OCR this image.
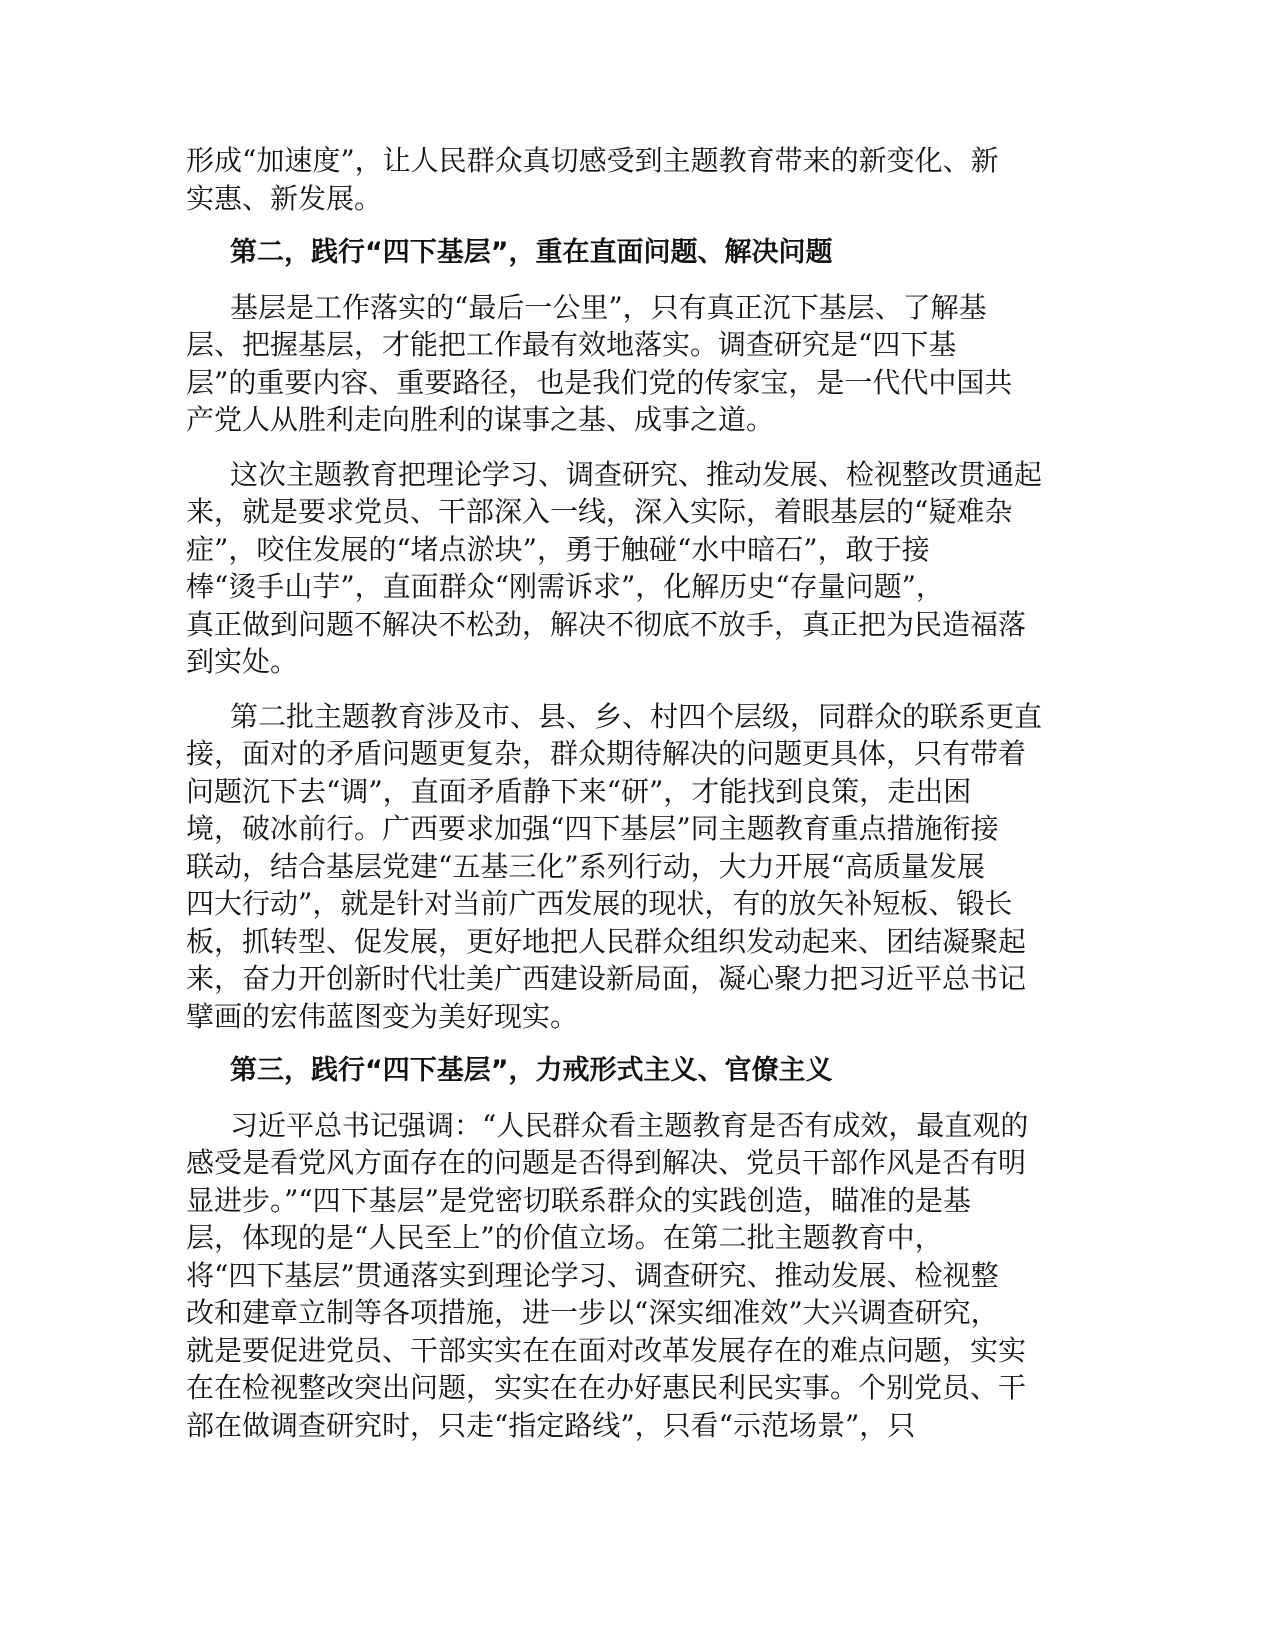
形成“加速度”，让人民群众真切感受到主题教育带来的新变化、新
实惠、新发展。
第二，践行“四下基层”，重在直面问题、解决问题
基层是工作落实的“最后一公里”，只有真正沉下基层、了解基
层、把握基层，才能把工作最有效地落实。调查研究是“四下基
层”的重要内容、重要路径，也是我们党的传家宝，是一代代中国共
产党人从胜利走向胜利的谋事之基、成事之道。
这次主题教育把理论学习、调查研究、推动发展、检视整改贯通起
来，就是要求党员、干部深入一线，深入实际，着眼基层的“疑难杂
症”，咬住发展的“堵点淤块”，勇于触碰“水中暗石”，敢于接
棒“烫手山芋”，直面群众“刚需诉求”，化解历史“存量问题”，
真正做到问题不解决不松劲，解决不彻底不放手，真正把为民造福落
到实处。
第二批主题教育涉及市、县、乡、村四个层级，同群众的联系更直
接，面对的矛盾问题更复杂，群众期待解决的问题更具体，只有带着
问题沉下去“调”，直面矛盾静下来“研”，才能找到良策，走出困
境，破冰前行。广西要求加强“四下基层”同主题教育重点措施衔接
联动，结合基层党建“五基三化”系列行动，大力开展“高质量发展
四大行动”，就是针对当前广西发展的现状，有的放矢补短板、锻长
板，抓转型、促发展，更好地把人民群众组织发动起来、团结凝聚起
来，奋力开创新时代壮美广西建设新局面，凝心聚力把习近平总书记
擘画的宏伟蓝图变为美好现实。
第三，践行“四下基层”，力戒形式主义、官僚主义
习近平总书记强调：“人民群众看主题教育是否有成效，最直观的
感受是看党风方面存在的问题是否得到解决、党员干部作风是否有明
显进步。”“四下基层”是党密切联系群众的实践创造，瞄准的是基
层，体现的是“人民至上”的价值立场。在第二批主题教育中，
将“四下基层”贯通落实到理论学习、调查研究、推动发展、检视整
改和建章立制等各项措施，进一步以“深实细准效”大兴调查研究，
就是要促进党员、干部实实在在面对改革发展存在的难点问题，实实
在在检视整改突出问题，实实在在办好惠民利民实事。个别党员、干
部在做调查研究时，只走“指定路线”，只看“示范场景”，只
